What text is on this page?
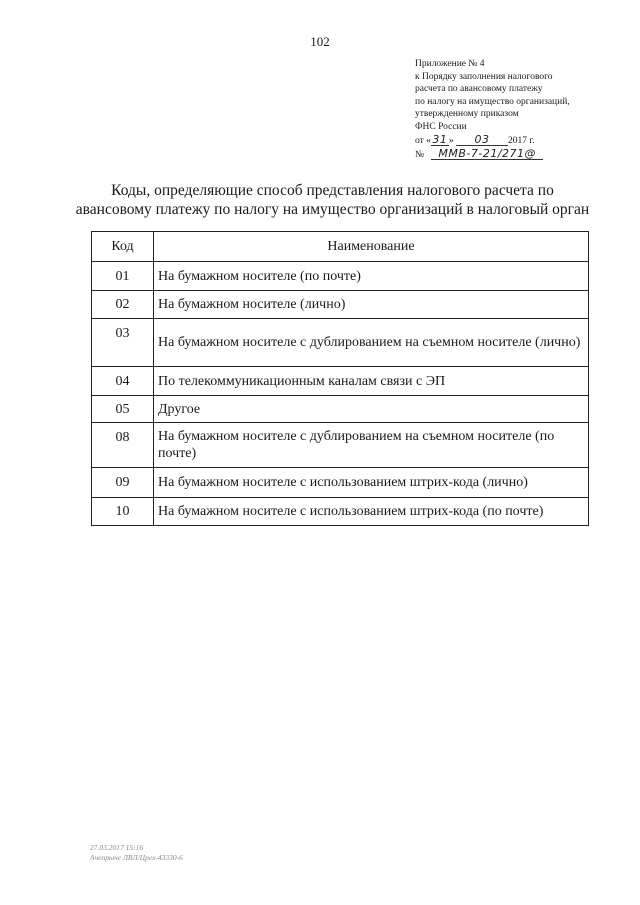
102
Приложение № 4
к Порядку заполнения налогового
расчета по авансовому платежу
по налогу на имущество организаций,
утвержденному приказом
ФНС России
от « 31 » 03 2017 г.
№ ММВ-7-21/271@
Коды, определяющие способ представления налогового расчета по
авансовому платежу по налогу на имущество организаций в налоговый орган
Код	Наименование
01	На бумажном носителе (по почте)
02	На бумажном носителе (лично)
03	На бумажном носителе с дублированием на съемном носителе (лично)
04	По телекоммуникационным каналам связи с ЭП
05	Другое
08	На бумажном носителе с дублированием на съемном носителе (по почте)
09	На бумажном носителе с использованием штрих-кода (лично)
10	На бумажном носителе с использованием штрих-кода (по почте)
27.03.2017 15:16
Ачепрыче ЛВЛ/Црех-43330-6
